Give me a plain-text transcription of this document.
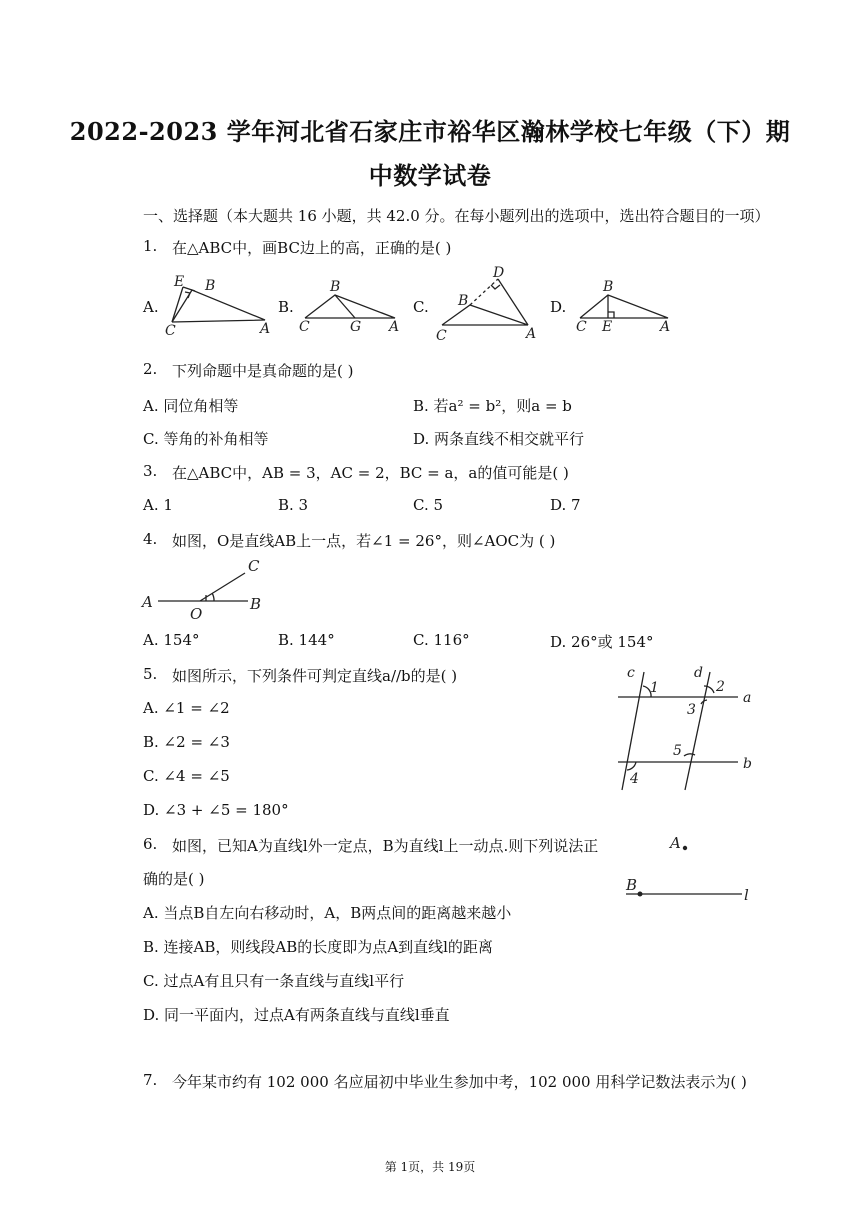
2022-2023 学年河北省石家庄市裕华区瀚林学校七年级（下）期
中数学试卷
一、选择题（本大题共 16 小题，共 42.0 分。在每小题列出的选项中，选出符合题目的一项）
1. 在△ABC中，画BC边上的高，正确的是( )
A.	B.	C.	D.
E B
C	A
B
C	G A
D
B
C	A
B
C E	A
2. 下列命题中是真命题的是( )
A. 同位角相等	B. 若a² = b²，则a = b
C. 等角的补角相等	D. 两条直线不相交就平行
3. 在△ABC中，AB = 3，AC = 2，BC = a，a的值可能是( )
A. 1	B. 3	C. 5	D. 7
4. 如图，O是直线AB上一点，若∠1 = 26°，则∠AOC为 ( )
A
O
B
C
A. 154°	B. 144°	C. 116°	D. 26°或 154°
5. 如图所示，下列条件可判定直线a//b的是( )
A. ∠1 = ∠2
B. ∠2 = ∠3
C. ∠4 = ∠5
D. ∠3 + ∠5 = 180°
c	d
1	2
3
a
5
b
4
6. 如图，已知A为直线l外一定点，B为直线l上一动点.则下列说法正
确的是( )
A. 当点B自左向右移动时，A，B两点间的距离越来越小
B. 连接AB，则线段AB的长度即为点A到直线l的距离
C. 过点A有且只有一条直线与直线l平行
D. 同一平面内，过点A有两条直线与直线l垂直
A
B
l
7. 今年某市约有 102 000 名应届初中毕业生参加中考，102 000 用科学记数法表示为( )
第 1页，共 19页
